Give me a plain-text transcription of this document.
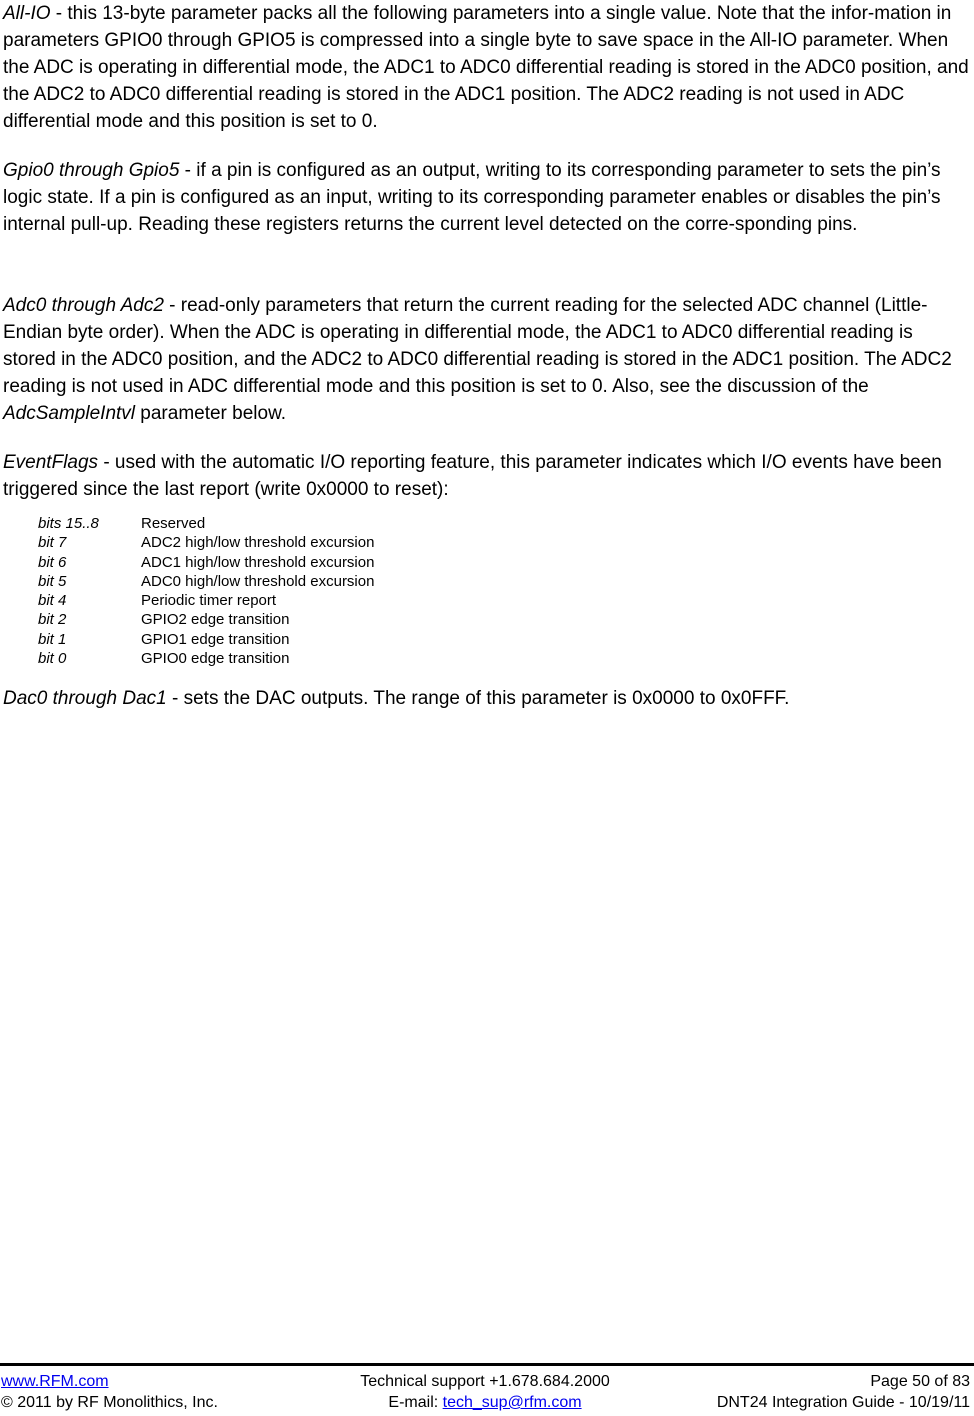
All-IO - this 13-byte parameter packs all the following parameters into a single value. Note that the infor-mation in parameters GPIO0 through GPIO5 is compressed into a single byte to save space in the All-IO parameter. When the ADC is operating in differential mode, the ADC1 to ADC0 differential reading is stored in the ADC0 position, and the ADC2 to ADC0 differential reading is stored in the ADC1 position. The ADC2 reading is not used in ADC differential mode and this position is set to 0.

Gpio0 through Gpio5 - if a pin is configured as an output, writing to its corresponding parameter to sets the pin’s logic state. If a pin is configured as an input, writing to its corresponding parameter enables or disables the pin’s internal pull-up. Reading these registers returns the current level detected on the corre-sponding pins.

Adc0 through Adc2 - read-only parameters that return the current reading for the selected ADC channel (Little-Endian byte order). When the ADC is operating in differential mode, the ADC1 to ADC0 differential reading is stored in the ADC0 position, and the ADC2 to ADC0 differential reading is stored in the ADC1 position. The ADC2 reading is not used in ADC differential mode and this position is set to 0. Also, see the discussion of the AdcSampleIntvl parameter below.

EventFlags - used with the automatic I/O reporting feature, this parameter indicates which I/O events have been triggered since the last report (write 0x0000 to reset):

bits 15..8	Reserved
bit 7	ADC2 high/low threshold excursion
bit 6	ADC1 high/low threshold excursion
bit 5	ADC0 high/low threshold excursion
bit 4	Periodic timer report
bit 2	GPIO2 edge transition
bit 1	GPIO1 edge transition
bit 0	GPIO0 edge transition

Dac0 through Dac1 - sets the DAC outputs. The range of this parameter is 0x0000 to 0x0FFF.

www.RFM.com
© 2011 by RF Monolithics, Inc.
Technical support +1.678.684.2000
E-mail: tech_sup@rfm.com
Page 50 of 83
DNT24 Integration Guide - 10/19/11
